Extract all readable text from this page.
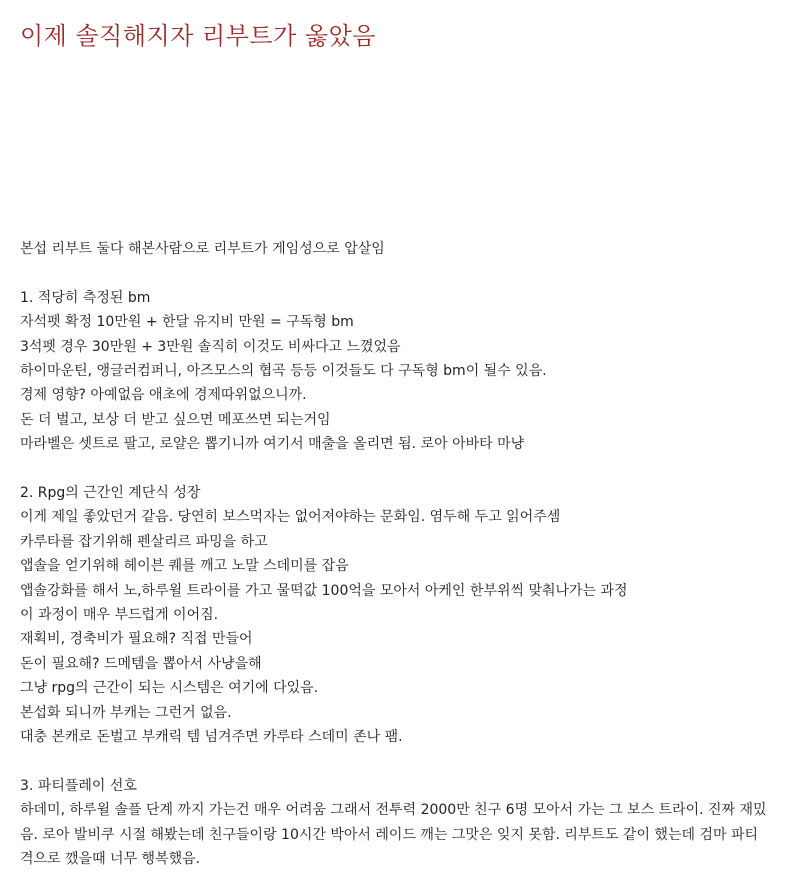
이제 솔직해지자 리부트가 옳았음
본섭 리부트 둘다 해본사람으로 리부트가 게임성으로 압살임
1. 적당히 측정된 bm
자석펫 확정 10만원 + 한달 유지비 만원 = 구독형 bm
3석펫 경우 30만원 + 3만원 솔직히 이것도 비싸다고 느꼈었음
하이마운틴, 앵글러컴퍼니, 아즈모스의 협곡 등등 이것들도 다 구독형 bm이 될수 있음.
경제 영향? 아예없음 애초에 경제따위없으니까.
돈 더 벌고, 보상 더 받고 싶으면 메포쓰면 되는거임
마라벨은 셋트로 팔고, 로얄은 뽑기니까 여기서 매출을 올리면 됨. 로아 아바타 마냥
2. Rpg의 근간인 계단식 성장
이게 제일 좋았던거 같음. 당연히 보스먹자는 없어져야하는 문화임. 염두해 두고 읽어주셈
카루타를 잡기위해 펜살리르 파밍을 하고
앱솔을 얻기위해 헤이븐 퀘를 깨고 노말 스데미를 잡음
앱솔강화를 해서 노,하루윌 트라이를 가고 물떡값 100억을 모아서 아케인 한부위씩 맞춰나가는 과정
이 과정이 매우 부드럽게 이어짐.
재획비, 경축비가 필요해? 직접 만들어
돈이 필요해? 드메템을 뽑아서 사냥을해
그냥 rpg의 근간이 되는 시스템은 여기에 다있음.
본섭화 되니까 부캐는 그런거 없음.
대충 본캐로 돈벌고 부캐릭 템 넘겨주면 카루타 스데미 존나 팸.
3. 파티플레이 선호
하데미, 하루윌 솔플 단계 까지 가는건 매우 어려움 그래서 전투력 2000만 친구 6명 모아서 가는 그 보스 트라이. 진짜 재밌음. 로아 발비쿠 시절 해봤는데 친구들이랑 10시간 박아서 레이드 깨는 그맛은 잊지 못함. 리부트도 같이 했는데 검마 파티격으로 깼을때 너무 행복했음.
